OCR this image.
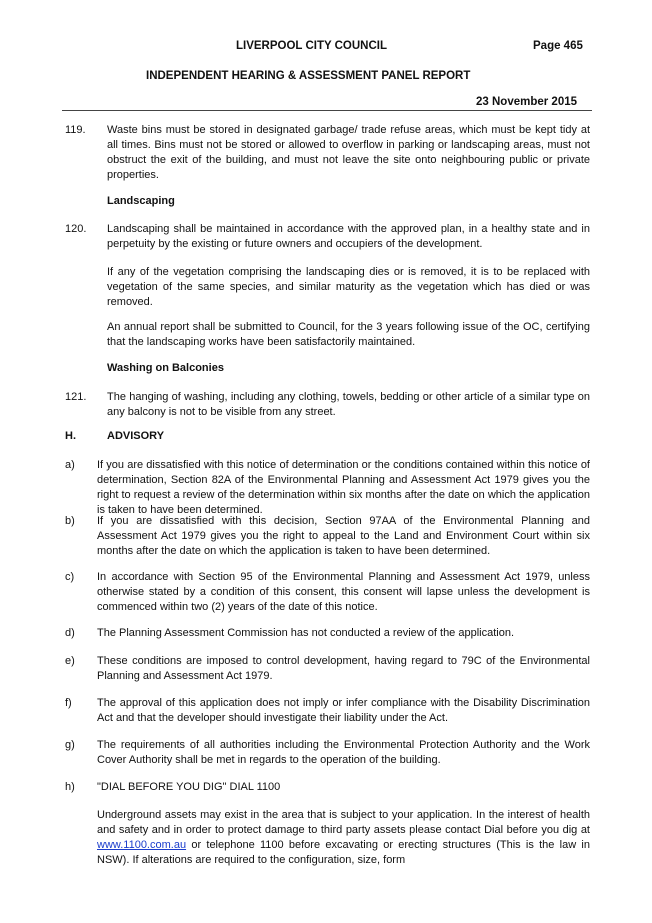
LIVERPOOL CITY COUNCIL	Page 465
INDEPENDENT HEARING & ASSESSMENT PANEL REPORT
23 November 2015
119. Waste bins must be stored in designated garbage/ trade refuse areas, which must be kept tidy at all times. Bins must not be stored or allowed to overflow in parking or landscaping areas, must not obstruct the exit of the building, and must not leave the site onto neighbouring public or private properties.
Landscaping
120. Landscaping shall be maintained in accordance with the approved plan, in a healthy state and in perpetuity by the existing or future owners and occupiers of the development.
If any of the vegetation comprising the landscaping dies or is removed, it is to be replaced with vegetation of the same species, and similar maturity as the vegetation which has died or was removed.
An annual report shall be submitted to Council, for the 3 years following issue of the OC, certifying that the landscaping works have been satisfactorily maintained.
Washing on Balconies
121. The hanging of washing, including any clothing, towels, bedding or other article of a similar type on any balcony is not to be visible from any street.
H.	ADVISORY
a) If you are dissatisfied with this notice of determination or the conditions contained within this notice of determination, Section 82A of the Environmental Planning and Assessment Act 1979 gives you the right to request a review of the determination within six months after the date on which the application is taken to have been determined.
b) If you are dissatisfied with this decision, Section 97AA of the Environmental Planning and Assessment Act 1979 gives you the right to appeal to the Land and Environment Court within six months after the date on which the application is taken to have been determined.
c) In accordance with Section 95 of the Environmental Planning and Assessment Act 1979, unless otherwise stated by a condition of this consent, this consent will lapse unless the development is commenced within two (2) years of the date of this notice.
d) The Planning Assessment Commission has not conducted a review of the application.
e) These conditions are imposed to control development, having regard to 79C of the Environmental Planning and Assessment Act 1979.
f) The approval of this application does not imply or infer compliance with the Disability Discrimination Act and that the developer should investigate their liability under the Act.
g) The requirements of all authorities including the Environmental Protection Authority and the Work Cover Authority shall be met in regards to the operation of the building.
h) "DIAL BEFORE YOU DIG" DIAL 1100
Underground assets may exist in the area that is subject to your application. In the interest of health and safety and in order to protect damage to third party assets please contact Dial before you dig at www.1100.com.au or telephone 1100 before excavating or erecting structures (This is the law in NSW). If alterations are required to the configuration, size, form
